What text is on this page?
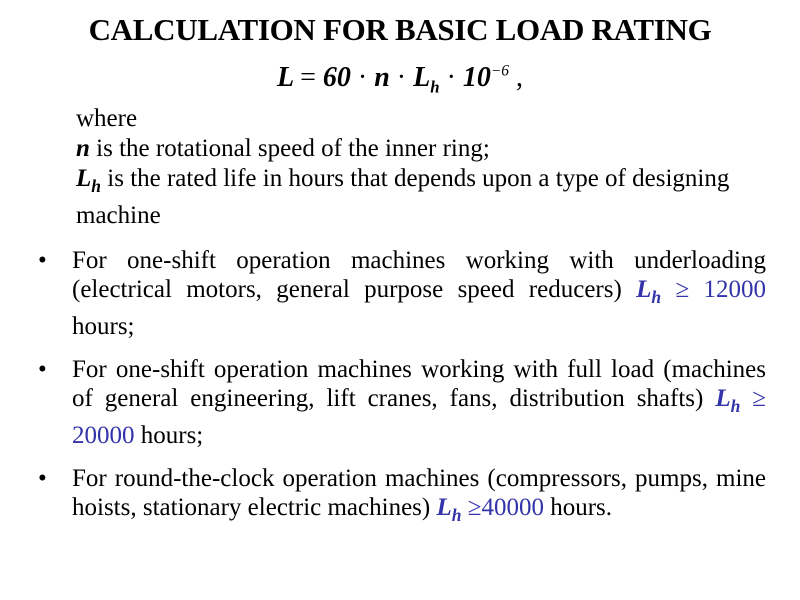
CALCULATION FOR BASIC LOAD RATING
$L = 60 \cdot n \cdot L_h \cdot 10^{-6}$ ,

where

n is the rotational speed of the inner ring;

$L_h$ is the rated life in hours that depends upon a type of designing machine

• For one-shift operation machines working with underloading (electrical motors, general purpose speed reducers) $L_h \ge 12000$ hours;
• For one-shift operation machines working with full load (machines of general engineering, lift cranes, fans, distribution shafts) $L_h \ge 20000$ hours;
• For round-the-clock operation machines (compressors, pumps, mine hoists, stationary electric machines) $L_h \ge 40000$ hours.
